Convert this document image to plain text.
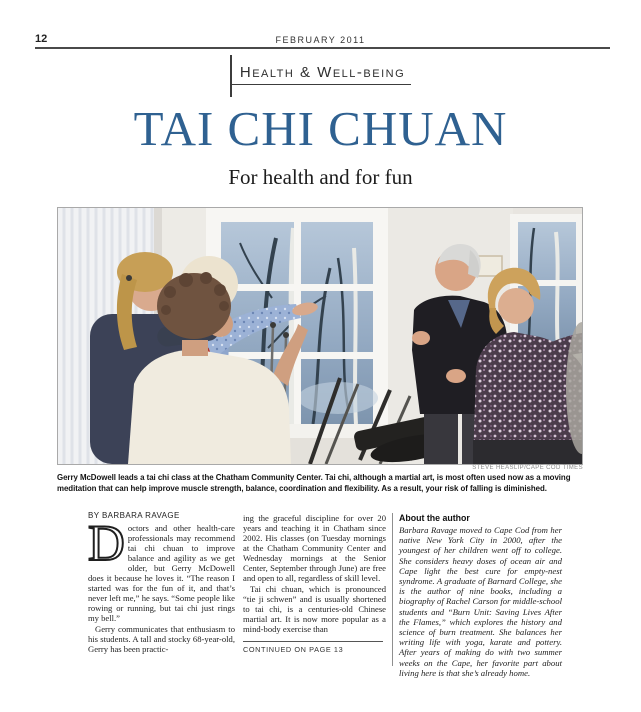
12	FEBRUARY 2011
Health & Well-being
TAI CHI CHUAN
For health and for fun
STEVE HEASLIP/CAPE COD TIMES
Gerry McDowell leads a tai chi class at the Chatham Community Center. Tai chi, although a martial art, is most often used now as a moving meditation that can help improve muscle strength, balance, coordination and flexibility. As a result, your risk of falling is diminished.
BY BARBARA RAVAGE

Doctors and other health-care professionals may recommend tai chi chuan to improve balance and agility as we get older, but Gerry McDowell does it because he loves it. “The reason I started was for the fun of it, and that’s never left me,” he says. “Some people like rowing or running, but tai chi just rings my bell.”

Gerry communicates that enthusiasm to his students. A tall and stocky 68-year-old, Gerry has been practic-

ing the graceful discipline for over 20 years and teaching it in Chatham since 2002. His classes (on Tuesday mornings at the Chatham Community Center and Wednesday mornings at the Senior Center, September through June) are free and open to all, regardless of skill level.

Tai chi chuan, which is pronounced “tie ji schwen” and is usually shortened to tai chi, is a centuries-old Chinese martial art. It is now more popular as a mind-body exercise than

CONTINUED ON PAGE 13
About the author
Barbara Ravage moved to Cape Cod from her native New York City in 2000, after the youngest of her children went off to college. She considers heavy doses of ocean air and Cape light the best cure for empty-nest syndrome. A graduate of Barnard College, she is the author of nine books, including a biography of Rachel Carson for middle-school students and “Burn Unit: Saving Lives After the Flames,” which explores the history and science of burn treatment. She balances her writing life with yoga, karate and pottery. After years of making do with two summer weeks on the Cape, her favorite part about living here is that she’s already home.
